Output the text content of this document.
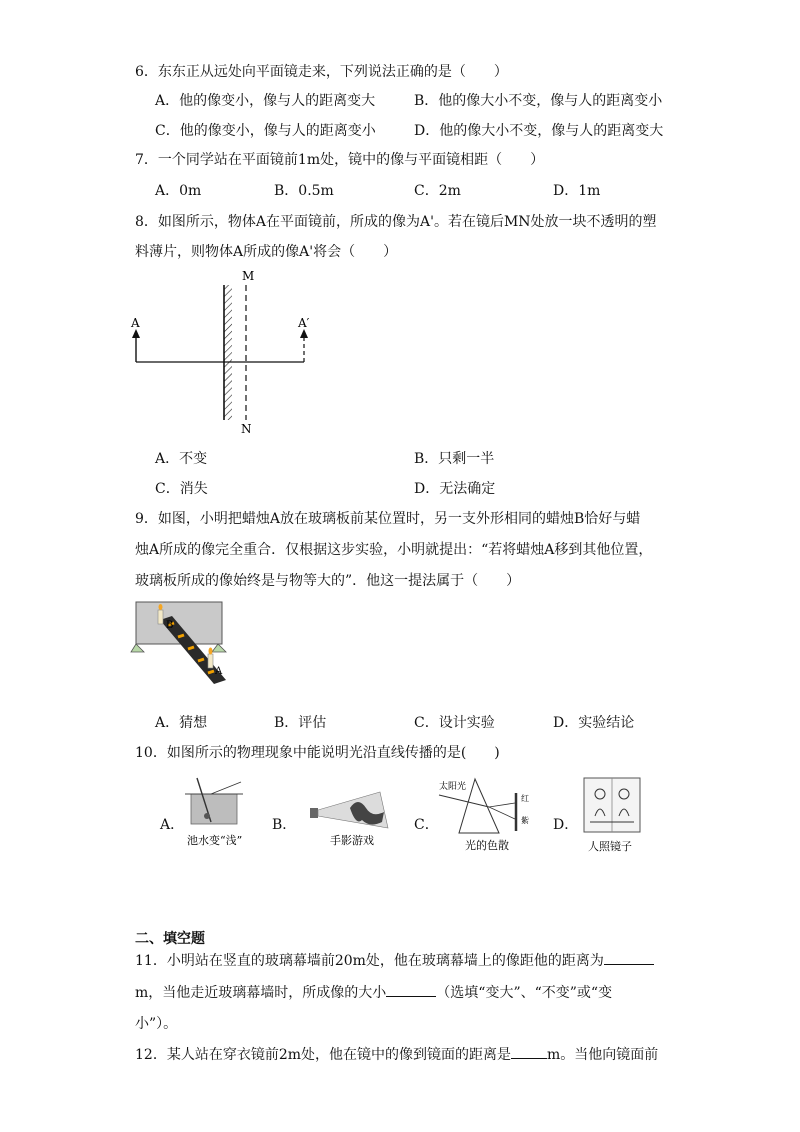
6．东东正从远处向平面镜走来，下列说法正确的是（　　）
A．他的像变小，像与人的距离变大	B．他的像大小不变，像与人的距离变小
C．他的像变小，像与人的距离变小	D．他的像大小不变，像与人的距离变大
7．一个同学站在平面镜前1m处，镜中的像与平面镜相距（　　）
A．0m	B．0.5m	C．2m	D．1m
8．如图所示，物体A在平面镜前，所成的像为A'。若在镜后MN处放一块不透明的塑
料薄片，则物体A所成的像A'将会（　　）
M
N
A	A′
A．不变	B．只剩一半
C．消失	D．无法确定
9．如图，小明把蜡烛A放在玻璃板前某位置时，另一支外形相同的蜡烛B恰好与蜡
烛A所成的像完全重合．仅根据这步实验，小明就提出：“若将蜡烛A移到其他位置，
玻璃板所成的像始终是与物等大的”．他这一提法属于（　　）
B
A
A．猜想	B．评估	C．设计实验	D．实验结论
10．如图所示的物理现象中能说明光沿直线传播的是(　　)
A．
池水变“浅”
B．
手影游戏
C．
太阳光
红
紫
光的色散
D．
人照镜子
二、填空题
11．小明站在竖直的玻璃幕墙前20m处，他在玻璃幕墙上的像距他的距离为
m，当他走近玻璃幕墙时，所成像的大小	（选填“变大”、“不变”或“变
小”）。
12．某人站在穿衣镜前2m处，他在镜中的像到镜面的距离是	m。当他向镜面前
